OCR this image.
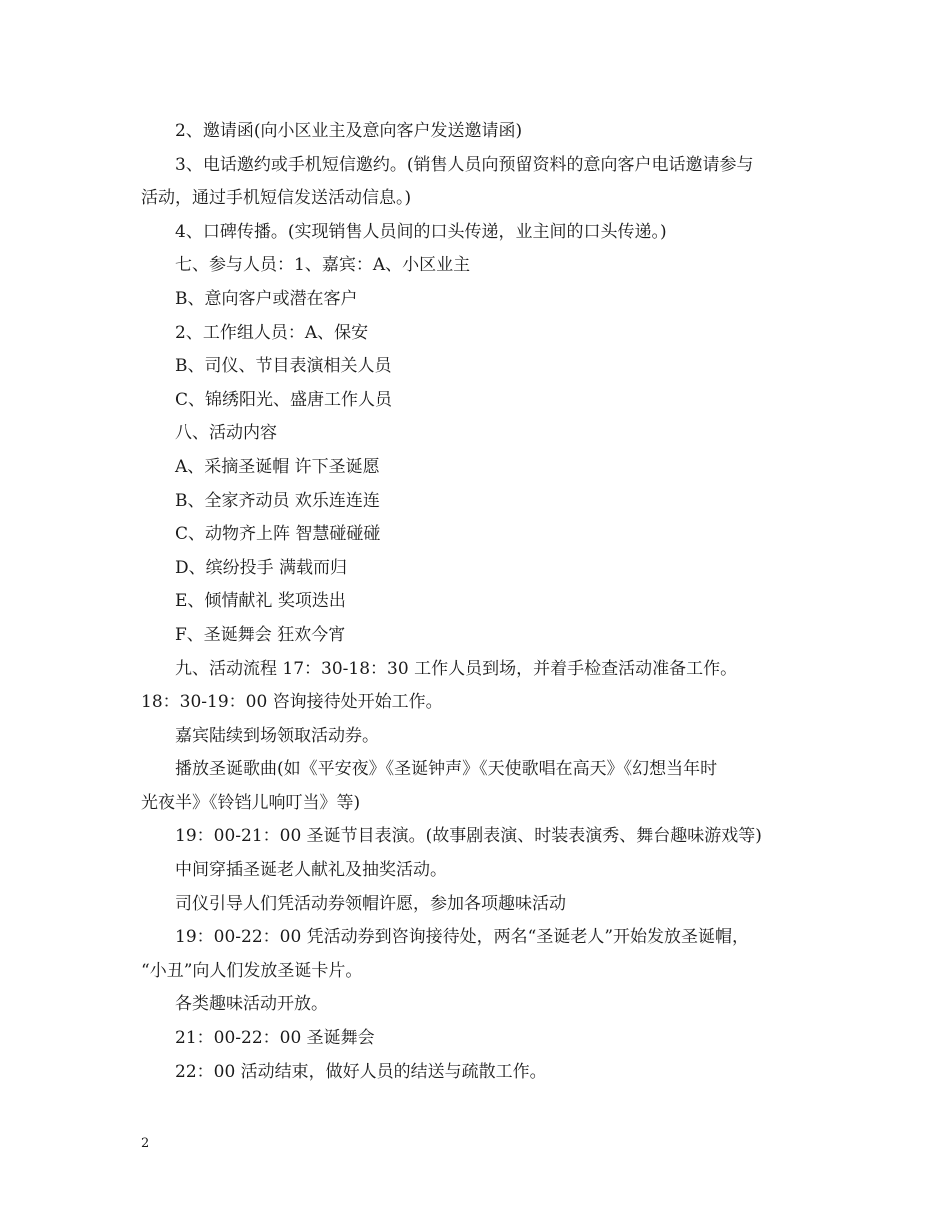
2、邀请函(向小区业主及意向客户发送邀请函)
3、电话邀约或手机短信邀约。(销售人员向预留资料的意向客户电话邀请参与
活动，通过手机短信发送活动信息。)
4、口碑传播。(实现销售人员间的口头传递，业主间的口头传递。)
七、参与人员：1、嘉宾：A、小区业主
B、意向客户或潜在客户
2、工作组人员：A、保安
B、司仪、节目表演相关人员
C、锦绣阳光、盛唐工作人员
八、活动内容
A、采摘圣诞帽 许下圣诞愿
B、全家齐动员 欢乐连连连
C、动物齐上阵 智慧碰碰碰
D、缤纷投手 满载而归
E、倾情献礼 奖项迭出
F、圣诞舞会 狂欢今宵
九、活动流程 17：30-18：30 工作人员到场，并着手检查活动准备工作。
18：30-19：00 咨询接待处开始工作。
嘉宾陆续到场领取活动券。
播放圣诞歌曲(如《平安夜》《圣诞钟声》《天使歌唱在高天》《幻想当年时
光夜半》《铃铛儿响叮当》等)
19：00-21：00 圣诞节目表演。(故事剧表演、时装表演秀、舞台趣味游戏等)
中间穿插圣诞老人献礼及抽奖活动。
司仪引导人们凭活动券领帽许愿，参加各项趣味活动
19：00-22：00 凭活动券到咨询接待处，两名“圣诞老人”开始发放圣诞帽，
“小丑”向人们发放圣诞卡片。
各类趣味活动开放。
21：00-22：00 圣诞舞会
22：00 活动结束，做好人员的结送与疏散工作。
2
